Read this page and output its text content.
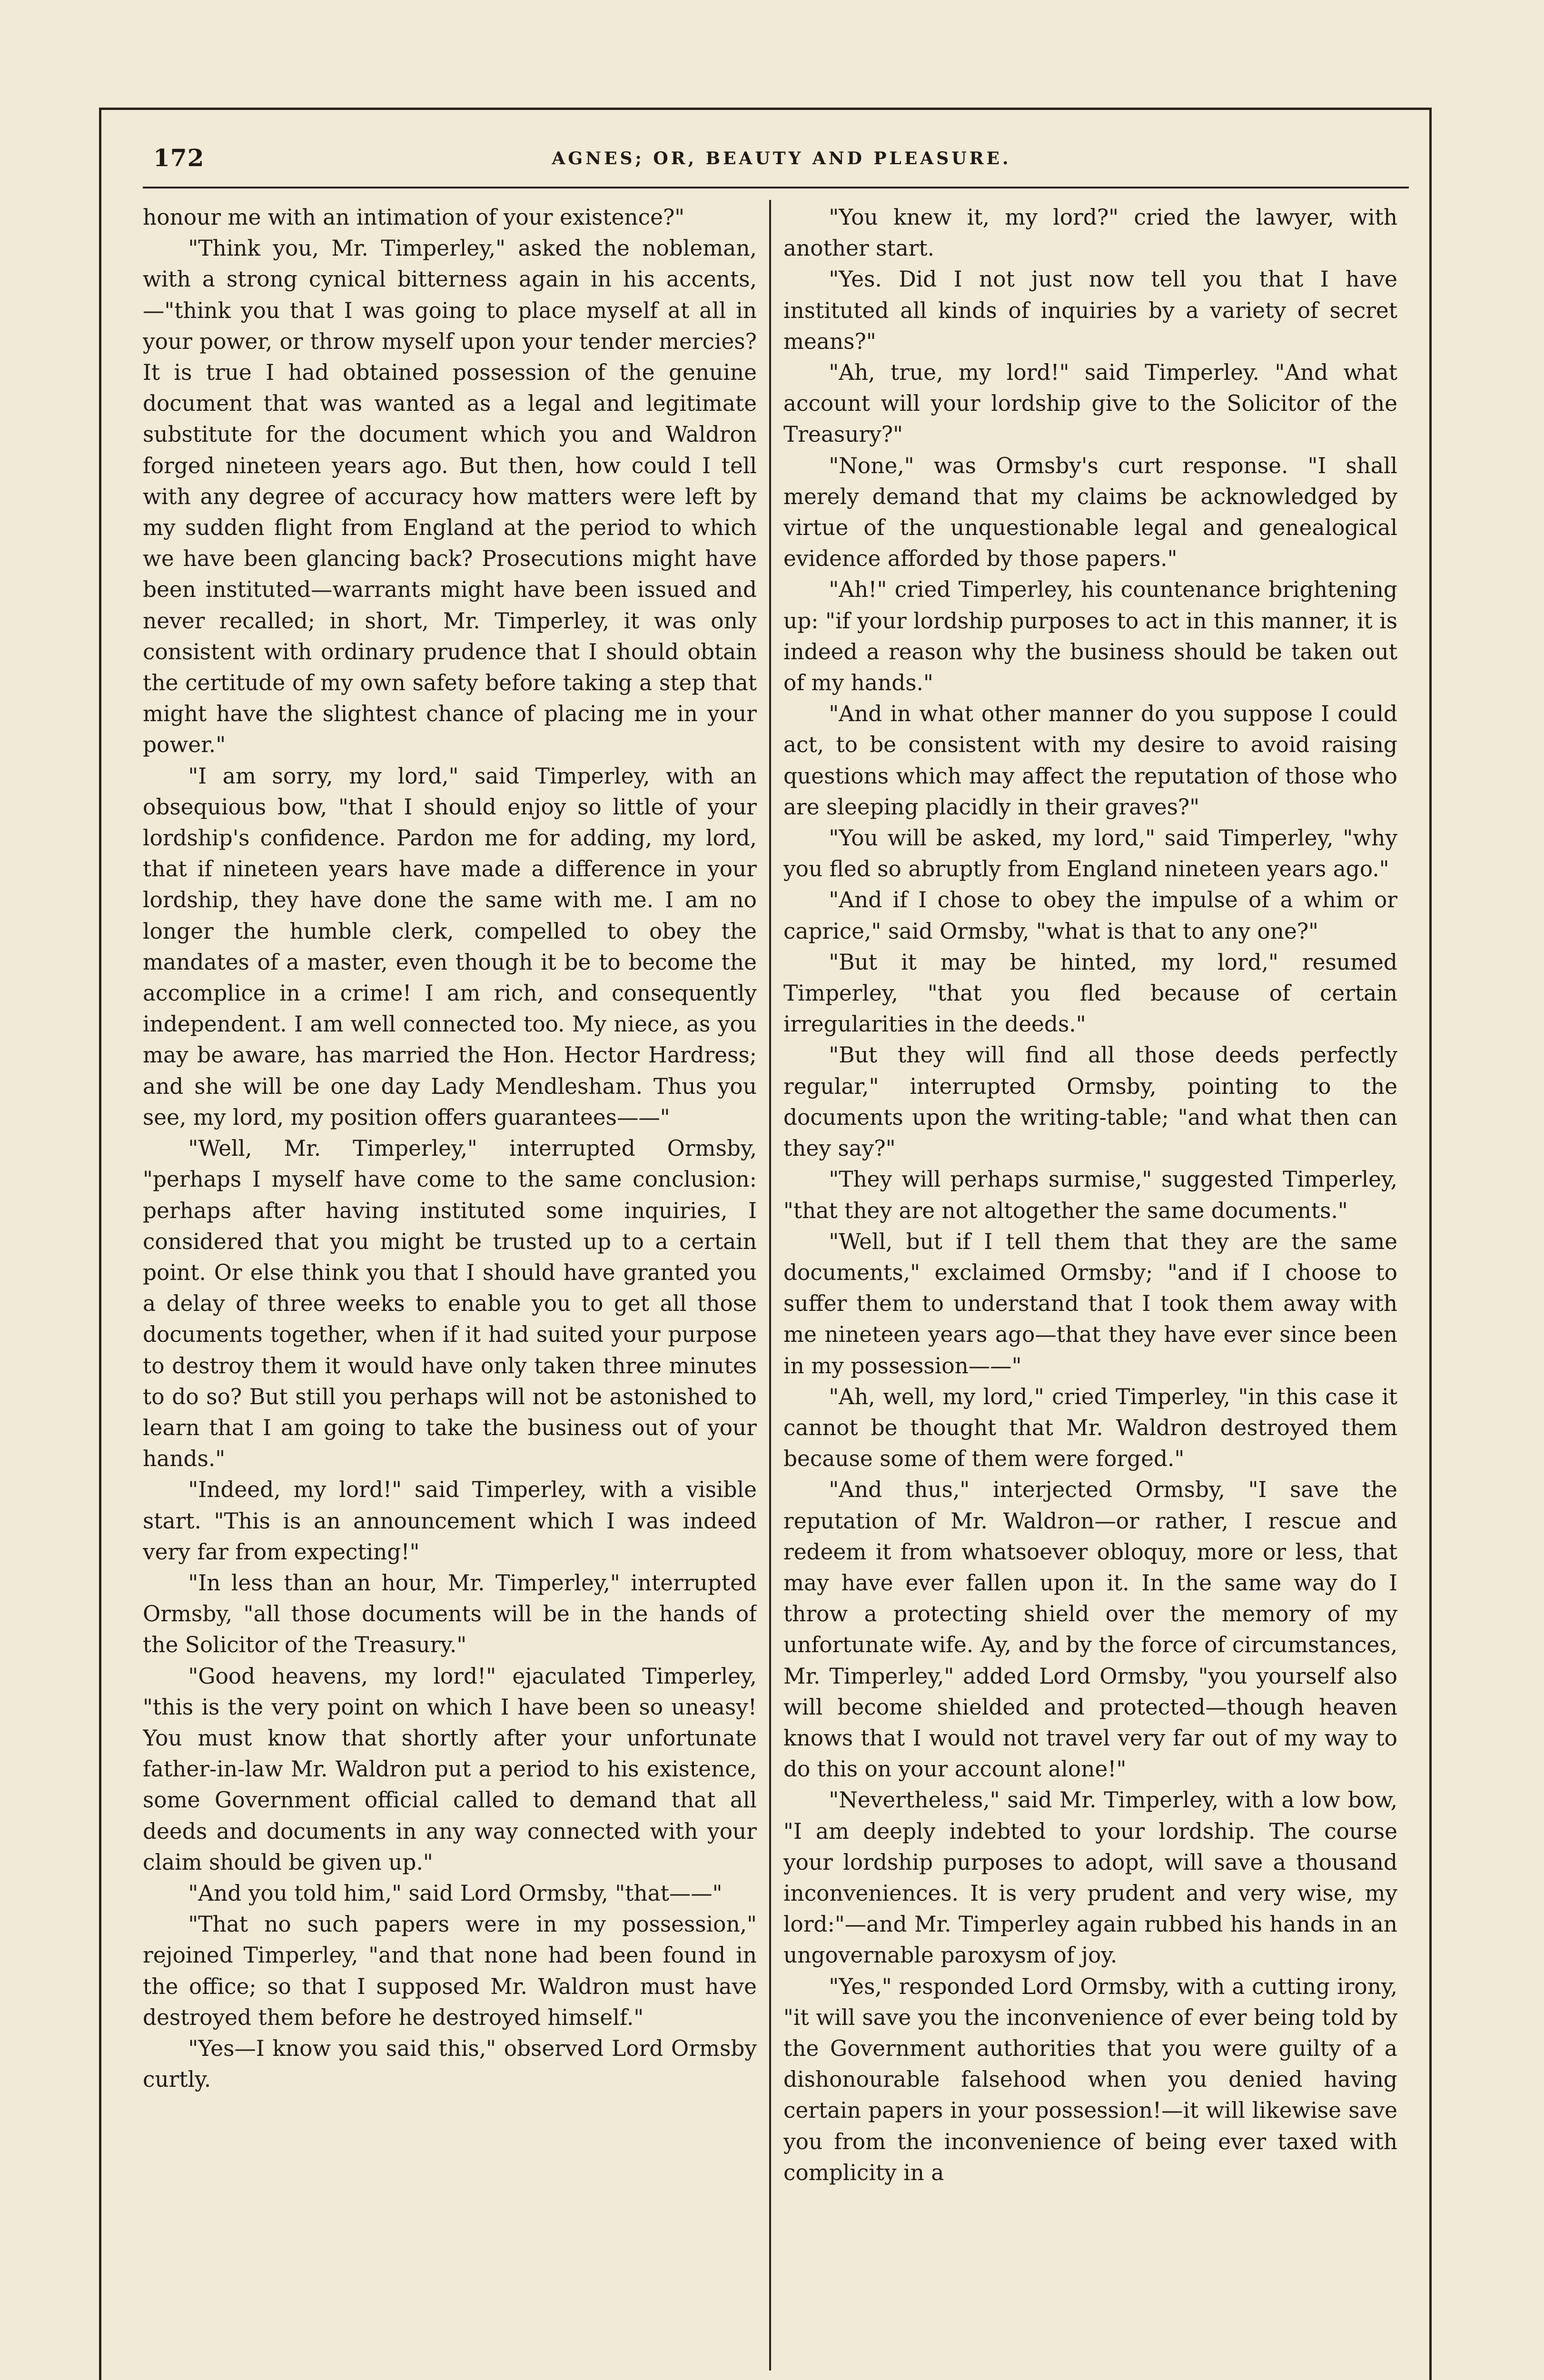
172	AGNES; OR, BEAUTY AND PLEASURE.

honour me with an intimation of your existence?"

"Think you, Mr. Timperley," asked the nobleman, with a strong cynical bitterness again in his accents,—"think you that I was going to place myself at all in your power, or throw myself upon your tender mercies? It is true I had obtained possession of the genuine document that was wanted as a legal and legitimate substitute for the document which you and Waldron forged nineteen years ago. But then, how could I tell with any degree of accuracy how matters were left by my sudden flight from England at the period to which we have been glancing back? Prosecutions might have been instituted—warrants might have been issued and never recalled; in short, Mr. Timperley, it was only consistent with ordinary prudence that I should obtain the certitude of my own safety before taking a step that might have the slightest chance of placing me in your power."

"I am sorry, my lord," said Timperley, with an obsequious bow, "that I should enjoy so little of your lordship's confidence. Pardon me for adding, my lord, that if nineteen years have made a difference in your lordship, they have done the same with me. I am no longer the humble clerk, compelled to obey the mandates of a master, even though it be to become the accomplice in a crime! I am rich, and consequently independent. I am well connected too. My niece, as you may be aware, has married the Hon. Hector Hardress; and she will be one day Lady Mendlesham. Thus you see, my lord, my position offers guarantees——"

"Well, Mr. Timperley," interrupted Ormsby, "perhaps I myself have come to the same conclusion: perhaps after having instituted some inquiries, I considered that you might be trusted up to a certain point. Or else think you that I should have granted you a delay of three weeks to enable you to get all those documents together, when if it had suited your purpose to destroy them it would have only taken three minutes to do so? But still you perhaps will not be astonished to learn that I am going to take the business out of your hands."

"Indeed, my lord!" said Timperley, with a visible start. "This is an announcement which I was indeed very far from expecting!"

"In less than an hour, Mr. Timperley," interrupted Ormsby, "all those documents will be in the hands of the Solicitor of the Treasury."

"Good heavens, my lord!" ejaculated Timperley, "this is the very point on which I have been so uneasy! You must know that shortly after your unfortunate father-in-law Mr. Waldron put a period to his existence, some Government official called to demand that all deeds and documents in any way connected with your claim should be given up."

"And you told him," said Lord Ormsby, "that——"

"That no such papers were in my possession," rejoined Timperley, "and that none had been found in the office; so that I supposed Mr. Waldron must have destroyed them before he destroyed himself."

"Yes—I know you said this," observed Lord Ormsby curtly.

"You knew it, my lord?" cried the lawyer, with another start.

"Yes. Did I not just now tell you that I have instituted all kinds of inquiries by a variety of secret means?"

"Ah, true, my lord!" said Timperley. "And what account will your lordship give to the Solicitor of the Treasury?"

"None," was Ormsby's curt response. "I shall merely demand that my claims be acknowledged by virtue of the unquestionable legal and genealogical evidence afforded by those papers."

"Ah!" cried Timperley, his countenance brightening up: "if your lordship purposes to act in this manner, it is indeed a reason why the business should be taken out of my hands."

"And in what other manner do you suppose I could act, to be consistent with my desire to avoid raising questions which may affect the reputation of those who are sleeping placidly in their graves?"

"You will be asked, my lord," said Timperley, "why you fled so abruptly from England nineteen years ago."

"And if I chose to obey the impulse of a whim or caprice," said Ormsby, "what is that to any one?"

"But it may be hinted, my lord," resumed Timperley, "that you fled because of certain irregularities in the deeds."

"But they will find all those deeds perfectly regular," interrupted Ormsby, pointing to the documents upon the writing-table; "and what then can they say?"

"They will perhaps surmise," suggested Timperley, "that they are not altogether the same documents."

"Well, but if I tell them that they are the same documents," exclaimed Ormsby; "and if I choose to suffer them to understand that I took them away with me nineteen years ago—that they have ever since been in my possession——"

"Ah, well, my lord," cried Timperley, "in this case it cannot be thought that Mr. Waldron destroyed them because some of them were forged."

"And thus," interjected Ormsby, "I save the reputation of Mr. Waldron—or rather, I rescue and redeem it from whatsoever obloquy, more or less, that may have ever fallen upon it. In the same way do I throw a protecting shield over the memory of my unfortunate wife. Ay, and by the force of circumstances, Mr. Timperley," added Lord Ormsby, "you yourself also will become shielded and protected—though heaven knows that I would not travel very far out of my way to do this on your account alone!"

"Nevertheless," said Mr. Timperley, with a low bow, "I am deeply indebted to your lordship. The course your lordship purposes to adopt, will save a thousand inconveniences. It is very prudent and very wise, my lord:"—and Mr. Timperley again rubbed his hands in an ungovernable paroxysm of joy.

"Yes," responded Lord Ormsby, with a cutting irony, "it will save you the inconvenience of ever being told by the Government authorities that you were guilty of a dishonourable falsehood when you denied having certain papers in your possession!—it will likewise save you from the inconvenience of being ever taxed with complicity in a
